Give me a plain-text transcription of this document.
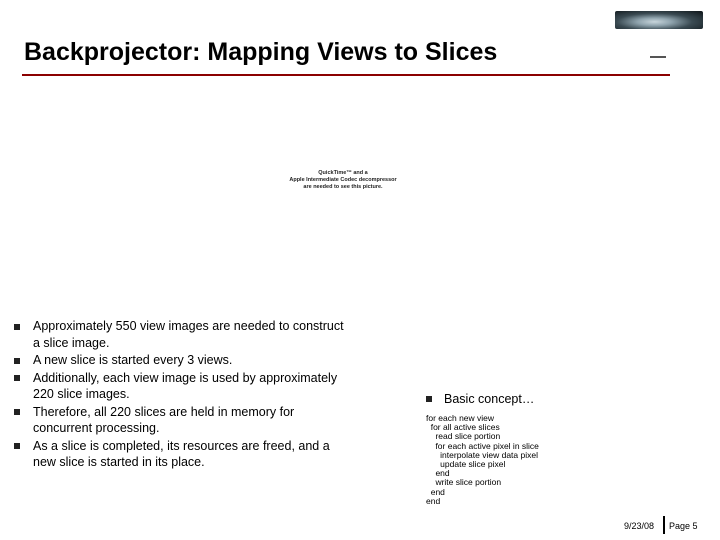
Backprojector: Mapping Views to Slices
QuickTime™ and a
Apple Intermediate Codec decompressor
are needed to see this picture.
Approximately 550 view images are needed to construct a slice image.
A new slice is started every 3 views.
Additionally, each view image is used by approximately 220 slice images.
Therefore, all 220 slices are held in memory for concurrent processing.
As a slice is completed, its resources are freed, and a new slice is started in its place.
Basic concept…
for each new view
for all active slices
read slice portion
for each active pixel in slice
interpolate view data pixel
update slice pixel
end
write slice portion
end
end
9/23/08 Page 5
